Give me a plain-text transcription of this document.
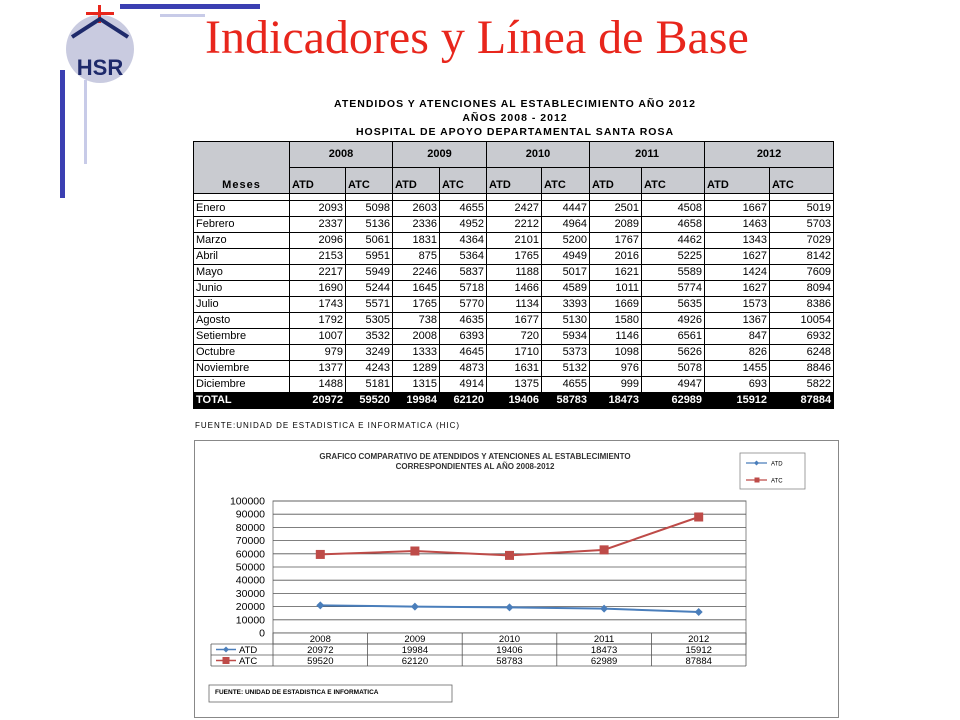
HSR
Indicadores y Línea de Base
ATENDIDOS Y ATENCIONES AL ESTABLECIMIENTO AÑO 2012
AÑOS 2008 - 2012
HOSPITAL DE APOYO DEPARTAMENTAL SANTA ROSA
Meses	2008		2009		2010		2011		2012	
	ATD	ATC	ATD	ATC	ATD	ATC	ATD	ATC	ATD	ATC

Enero	2093	5098	2603	4655	2427	4447	2501	4508	1667	5019
Febrero	2337	5136	2336	4952	2212	4964	2089	4658	1463	5703
Marzo	2096	5061	1831	4364	2101	5200	1767	4462	1343	7029
Abril	2153	5951	875	5364	1765	4949	2016	5225	1627	8142
Mayo	2217	5949	2246	5837	1188	5017	1621	5589	1424	7609
Junio	1690	5244	1645	5718	1466	4589	1011	5774	1627	8094
Julio	1743	5571	1765	5770	1134	3393	1669	5635	1573	8386
Agosto	1792	5305	738	4635	1677	5130	1580	4926	1367	10054
Setiembre	1007	3532	2008	6393	720	5934	1146	6561	847	6932
Octubre	979	3249	1333	4645	1710	5373	1098	5626	826	6248
Noviembre	1377	4243	1289	4873	1631	5132	976	5078	1455	8846
Diciembre	1488	5181	1315	4914	1375	4655	999	4947	693	5822
TOTAL	20972	59520	19984	62120	19406	58783	18473	62989	15912	87884
FUENTE:UNIDAD DE ESTADISTICA E INFORMATICA (HIC)
GRAFICO COMPARATIVO DE ATENDIDOS Y ATENCIONES AL ESTABLECIMIENTO
CORRESPONDIENTES AL AÑO 2008-2012
100000
90000
80000
70000
60000
50000
40000
30000
20000
10000
0	2008	2009	2010	2011	2012
ATD	20972	19984	19406	18473	15912
ATC	59520	62120	58783	62989	87884
ATD
ATC
FUENTE: UNIDAD DE ESTADISTICA E INFORMATICA
